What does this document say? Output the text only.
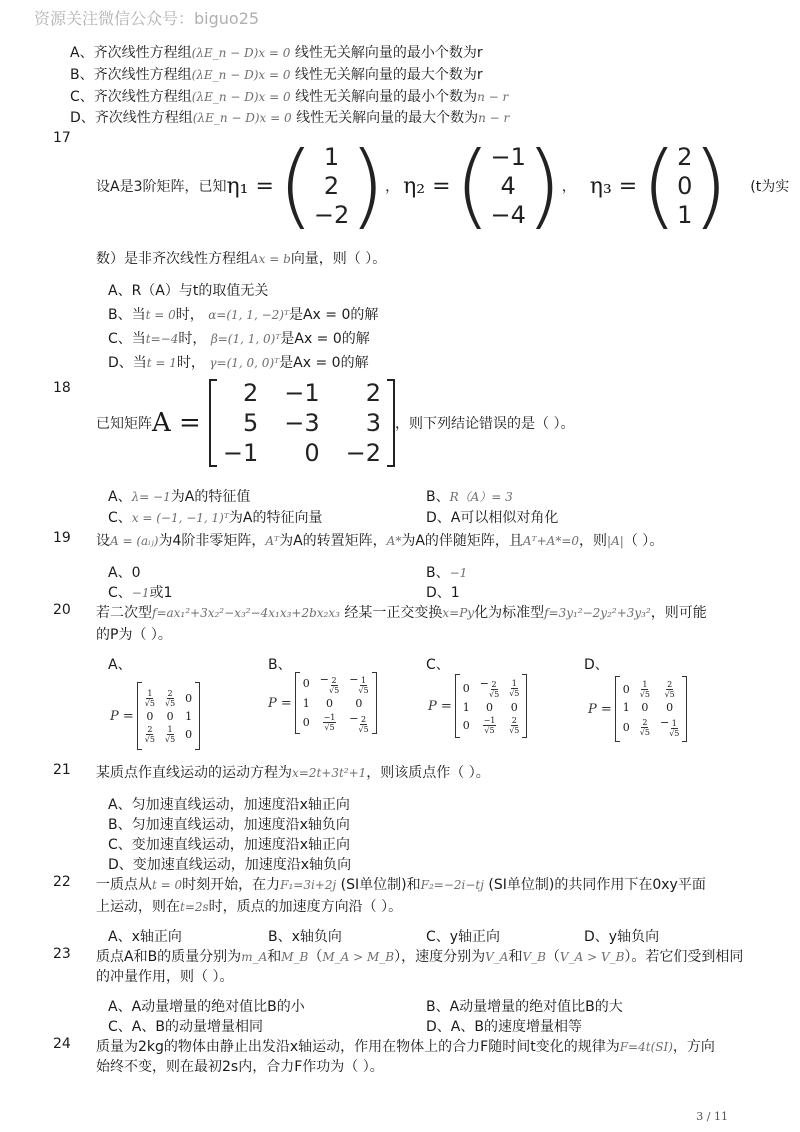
资源关注微信公众号：biguo25
A、齐次线性方程组(λE_n − D)x = 0 线性无关解向量的最小个数为r
B、齐次线性方程组(λE_n − D)x = 0 线性无关解向量的最大个数为r
C、齐次线性方程组(λE_n − D)x = 0 线性无关解向量的最小个数为n − r
D、齐次线性方程组(λE_n − D)x = 0 线性无关解向量的最大个数为n − r
17
设A是3阶矩阵，已知 η₁ = ( 1
2
−2 ) ， η₂ = ( −1
4
−4 ) ， η₃ = ( 2
0
1 ) (t为实
数）是非齐次线性方程组Ax = b向量，则（ ）。
A、R（A）与t的取值无关
B、当t = 0时， α=(1, 1, −2)ᵀ是Ax = 0的解
C、当t=−4时， β=(1, 1, 0)ᵀ是Ax = 0的解
D、当t = 1时， γ=(1, 0, 0)ᵀ是Ax = 0的解
18
已知矩阵 A =
2 −1	2
5 −3	3
−1	0 −2
，则下列结论错误的是（ ）。
A、λ= −1为A的特征值	B、R（A）= 3
C、x = (−1, −1, 1)ᵀ为A的特征向量	D、A可以相似对角化
19 设A = (aᵢⱼ)为4阶非零矩阵，Aᵀ为A的转置矩阵，A*为A的伴随矩阵，且Aᵀ+A*=0，则|A|（ ）。
A、0	B、−1
C、−1或1	D、1
20 若二次型f=ax₁²+3x₂²−x₃²−4x₁x₃+2bx₂x₃ 经某一正交变换x=Py化为标准型f=3y₁²−2y₂²+3y₃²，则可能
的P为（ ）。
A、	B、	C、	D、
P =
$\frac{1}{√5} \frac{2}{√5} 0$
0 0 1
$\frac{2}{√5} \frac{1}{√5} 0$
P =
$0 - \frac{2}{√5} - \frac{1}{√5}$
1	0	0
$0 \frac{-1}{√5} - \frac{2}{√5}$
P =
$0 - \frac{2}{√5} \frac{1}{√5}$
1	0	0
$0 \frac{-1}{√5} \frac{2}{√5}$
P =
$0 \frac{1}{√5} \frac{2}{√5}$
1 0	0
$0 \frac{2}{√5} - \frac{1}{√5}$
21 某质点作直线运动的运动方程为x=2t+3t²+1，则该质点作（ ）。
A、匀加速直线运动，加速度沿x轴正向
B、匀加速直线运动，加速度沿x轴负向
C、变加速直线运动，加速度沿x轴正向
D、变加速直线运动，加速度沿x轴负向
22 一质点从t = 0时刻开始，在力F₁=3i+2j (SI单位制)和F₂=−2i−tj (SI单位制)的共同作用下在0xy平面
上运动，则在t=2s时，质点的加速度方向沿（ ）。
A、x轴正向	B、x轴负向	C、y轴正向	D、y轴负向
23 质点A和B的质量分别为m_A和M_B（M_A > M_B），速度分别为V_A和V_B（V_A > V_B）。若它们受到相同
的冲量作用，则（ ）。
A、A动量增量的绝对值比B的小	B、A动量增量的绝对值比B的大
C、A、B的动量增量相同	D、A、B的速度增量相等
24 质量为2kg的物体由静止出发沿x轴运动，作用在物体上的合力F随时间t变化的规律为F=4t(SI)，方向
始终不变，则在最初2s内，合力F作功为（ ）。
3 / 11
